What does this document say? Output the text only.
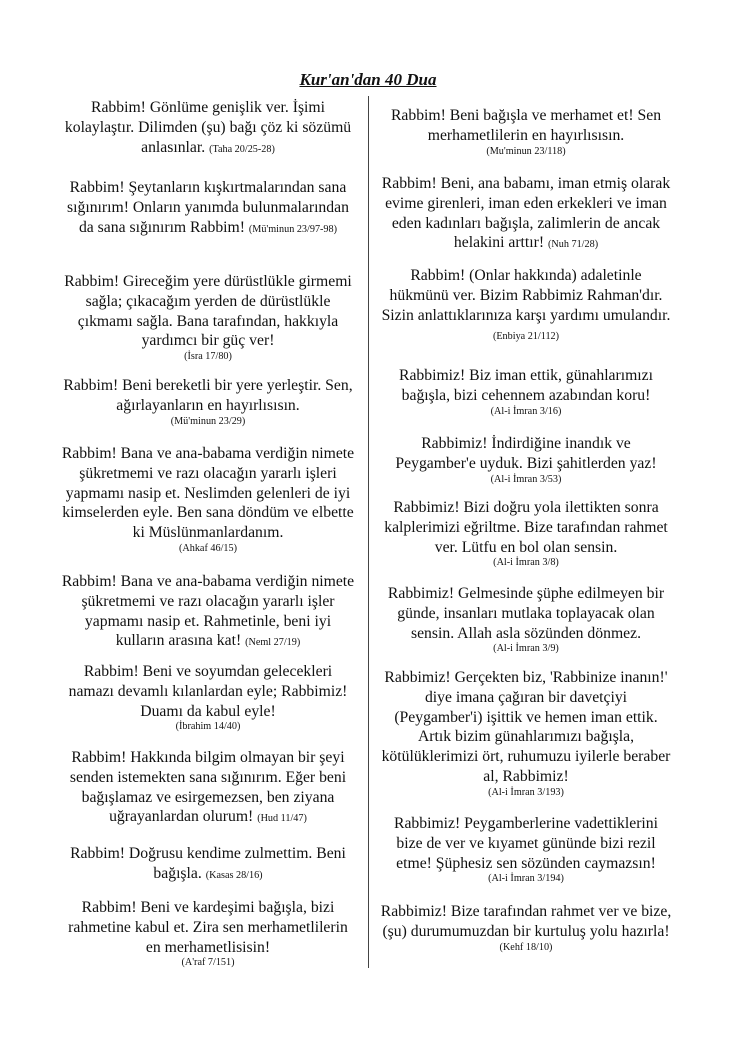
Kur'an'dan 40 Dua
Rabbim! Gönlüme genişlik ver. İşimi kolaylaştır. Dilimden (şu) bağı çöz ki sözümü anlasınlar. (Taha 20/25-28)
Rabbim! Şeytanların kışkırtmalarından sana sığınırım! Onların yanımda bulunmalarından da sana sığınırım Rabbim! (Mü'minun 23/97-98)
Rabbim! Gireceğim yere dürüstlükle girmemi sağla; çıkacağım yerden de dürüstlükle çıkmamı sağla. Bana tarafından, hakkıyla yardımcı bir güç ver!
(İsra 17/80)
Rabbim! Beni bereketli bir yere yerleştir. Sen, ağırlayanların en hayırlısısın.
(Mü'minun 23/29)
Rabbim! Bana ve ana-babama verdiğin nimete şükretmemi ve razı olacağın yararlı işleri yapmamı nasip et. Neslimden gelenleri de iyi kimselerden eyle. Ben sana döndüm ve elbette ki Müslünmanlardanım.
(Ahkaf 46/15)
Rabbim! Bana ve ana-babama verdiğin nimete şükretmemi ve razı olacağın yararlı işler yapmamı nasip et. Rahmetinle, beni iyi kulların arasına kat! (Neml 27/19)
Rabbim! Beni ve soyumdan gelecekleri namazı devamlı kılanlardan eyle; Rabbimiz! Duamı da kabul eyle!
(İbrahim 14/40)
Rabbim! Hakkında bilgim olmayan bir şeyi senden istemekten sana sığınırım. Eğer beni bağışlamaz ve esirgemezsen, ben ziyana uğrayanlardan olurum! (Hud 11/47)
Rabbim! Doğrusu kendime zulmettim. Beni bağışla. (Kasas 28/16)
Rabbim! Beni ve kardeşimi bağışla, bizi rahmetine kabul et. Zira sen merhametlilerin en merhametlisisin!
(A'raf 7/151)
Rabbim! Beni bağışla ve merhamet et! Sen merhametlilerin en hayırlısısın.
(Mu'minun 23/118)
Rabbim! Beni, ana babamı, iman etmiş olarak evime girenleri, iman eden erkekleri ve iman eden kadınları bağışla, zalimlerin de ancak helakini arttır! (Nuh 71/28)
Rabbim! (Onlar hakkında) adaletinle hükmünü ver. Bizim Rabbimiz Rahman'dır. Sizin anlattıklarınıza karşı yardımı umulandır. (Enbiya 21/112)
Rabbimiz! Biz iman ettik, günahlarımızı bağışla, bizi cehennem azabından koru!
(Al-i İmran 3/16)
Rabbimiz! İndirdiğine inandık ve Peygamber'e uyduk. Bizi şahitlerden yaz!
(Al-i İmran 3/53)
Rabbimiz! Bizi doğru yola ilettikten sonra kalplerimizi eğriltme. Bize tarafından rahmet ver. Lütfu en bol olan sensin.
(Al-i İmran 3/8)
Rabbimiz! Gelmesinde şüphe edilmeyen bir günde, insanları mutlaka toplayacak olan sensin. Allah asla sözünden dönmez.
(Al-i İmran 3/9)
Rabbimiz! Gerçekten biz, 'Rabbinize inanın!' diye imana çağıran bir davetçiyi (Peygamber'i) işittik ve hemen iman ettik. Artık bizim günahlarımızı bağışla, kötülüklerimizi ört, ruhumuzu iyilerle beraber al, Rabbimiz!
(Al-i İmran 3/193)
Rabbimiz! Peygamberlerine vadettiklerini bize de ver ve kıyamet gününde bizi rezil etme! Şüphesiz sen sözünden caymazsın!
(Al-i İmran 3/194)
Rabbimiz! Bize tarafından rahmet ver ve bize, (şu) durumumuzdan bir kurtuluş yolu hazırla!
(Kehf 18/10)
